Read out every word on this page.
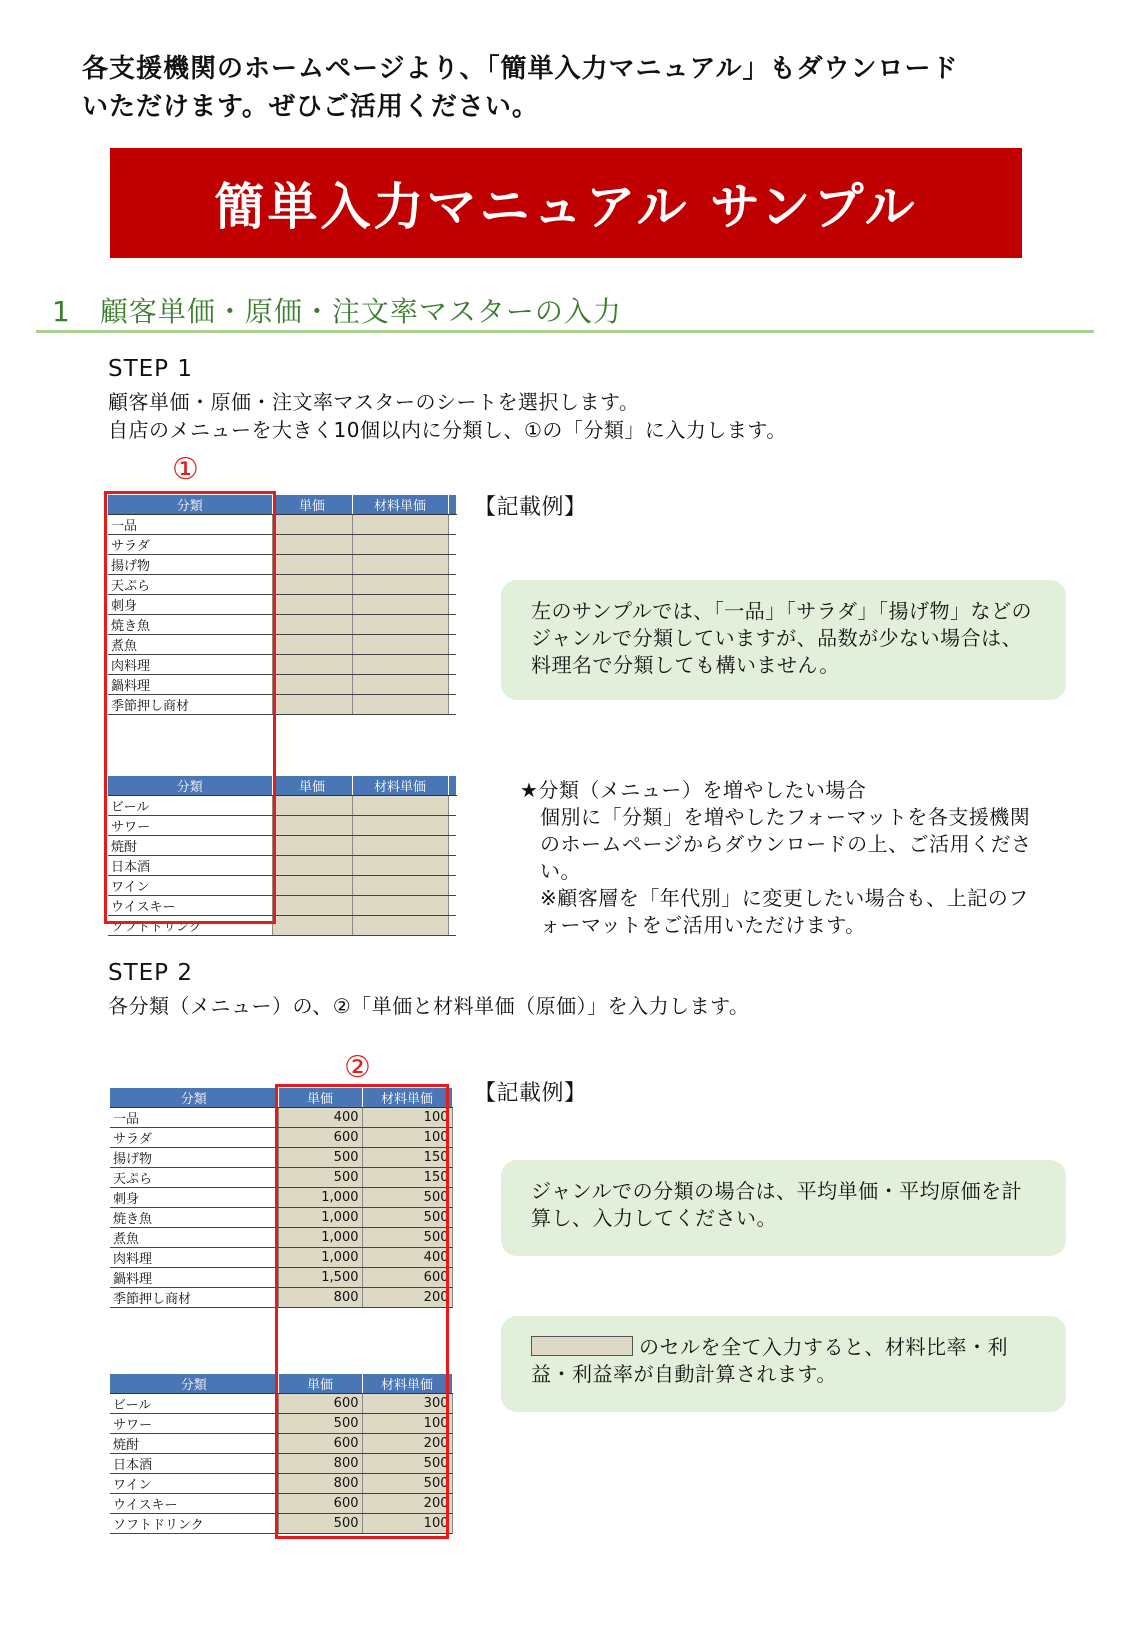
各支援機関のホームページより、「簡単入力マニュアル」もダウンロード
いただけます。ぜひご活用ください。
簡単入力マニュアル サンプル
1　顧客単価・原価・注文率マスターの入力
STEP 1
顧客単価・原価・注文率マスターのシートを選択します。
自店のメニューを大きく10個以内に分類し、①の「分類」に入力します。
①
【記載例】
分類	単価	材料単価	
一品			
サラダ			
揚げ物			
天ぷら			
刺身			
焼き魚			
煮魚			
肉料理			
鍋料理			
季節押し商材			
分類	単価	材料単価	
ビール			
サワー			
焼酎			
日本酒			
ワイン			
ウイスキー			
ソフトドリンク			
左のサンプルでは、「一品」「サラダ」「揚げ物」などのジャンルで分類していますが、品数が少ない場合は、料理名で分類しても構いません。
★分類（メニュー）を増やしたい場合
個別に「分類」を増やしたフォーマットを各支援機関のホームページからダウンロードの上、ご活用ください。
※顧客層を「年代別」に変更したい場合も、上記のフォーマットをご活用いただけます。
STEP 2
各分類（メニュー）の、②「単価と材料単価（原価）」を入力します。
②
【記載例】
分類	単価	材料単価
一品	400	100
サラダ	600	100
揚げ物	500	150
天ぷら	500	150
刺身	1,000	500
焼き魚	1,000	500
煮魚	1,000	500
肉料理	1,000	400
鍋料理	1,500	600
季節押し商材	800	200
分類	単価	材料単価
ビール	600	300
サワー	500	100
焼酎	600	200
日本酒	800	500
ワイン	800	500
ウイスキー	600	200
ソフトドリンク	500	100
ジャンルでの分類の場合は、平均単価・平均原価を計算し、入力してください。
のセルを全て入力すると、材料比率・利益・利益率が自動計算されます。
